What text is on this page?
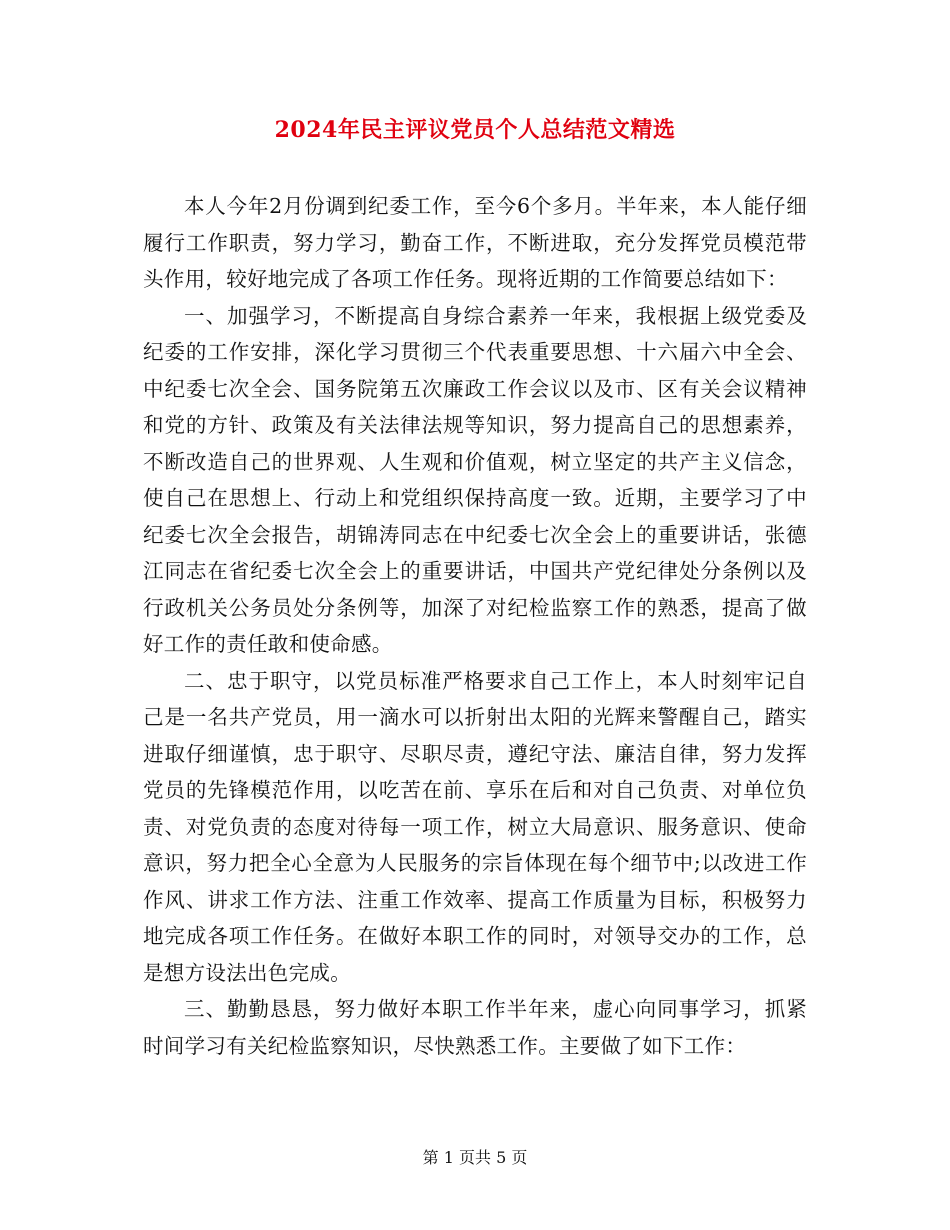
2024年民主评议党员个人总结范文精选

本人今年2月份调到纪委工作，至今6个多月。半年来，本人能仔细履行工作职责，努力学习，勤奋工作，不断进取，充分发挥党员模范带头作用，较好地完成了各项工作任务。现将近期的工作简要总结如下：

一、加强学习，不断提高自身综合素养一年来，我根据上级党委及纪委的工作安排，深化学习贯彻三个代表重要思想、十六届六中全会、中纪委七次全会、国务院第五次廉政工作会议以及市、区有关会议精神和党的方针、政策及有关法律法规等知识，努力提高自己的思想素养，不断改造自己的世界观、人生观和价值观，树立坚定的共产主义信念，使自己在思想上、行动上和党组织保持高度一致。近期，主要学习了中纪委七次全会报告，胡锦涛同志在中纪委七次全会上的重要讲话，张德江同志在省纪委七次全会上的重要讲话，中国共产党纪律处分条例以及行政机关公务员处分条例等，加深了对纪检监察工作的熟悉，提高了做好工作的责任敢和使命感。

二、忠于职守，以党员标准严格要求自己工作上，本人时刻牢记自己是一名共产党员，用一滴水可以折射出太阳的光辉来警醒自己，踏实进取仔细谨慎，忠于职守、尽职尽责，遵纪守法、廉洁自律，努力发挥党员的先锋模范作用，以吃苦在前、享乐在后和对自己负责、对单位负责、对党负责的态度对待每一项工作，树立大局意识、服务意识、使命意识，努力把全心全意为人民服务的宗旨体现在每个细节中;以改进工作作风、讲求工作方法、注重工作效率、提高工作质量为目标，积极努力地完成各项工作任务。在做好本职工作的同时，对领导交办的工作，总是想方设法出色完成。

三、勤勤恳恳，努力做好本职工作半年来，虚心向同事学习，抓紧时间学习有关纪检监察知识，尽快熟悉工作。主要做了如下工作：

第 1 页共 5 页
